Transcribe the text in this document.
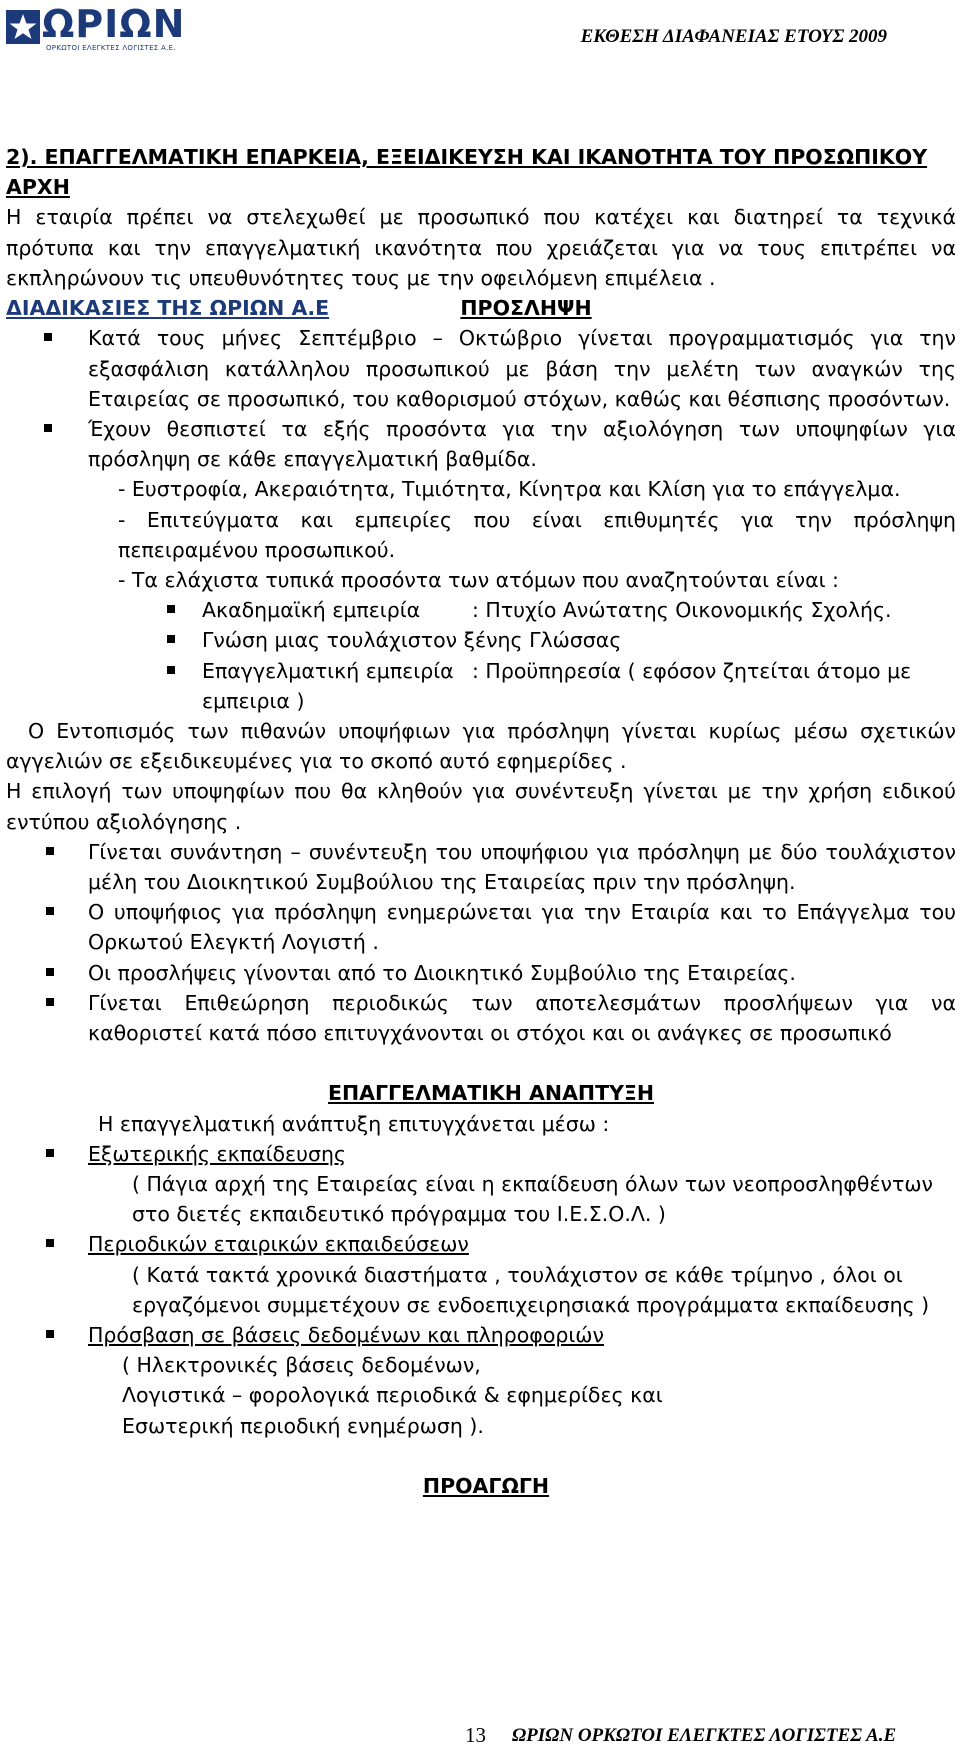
ΩΡΙΩΝ
ΟΡΚΩΤΟΙ ΕΛΕΓΚΤΕΣ ΛΟΓΙΣΤΕΣ Α.Ε.
ΕΚΘΕΣΗ ΔΙΑΦΑΝΕΙΑΣ ΕΤΟΥΣ 2009

2). ΕΠΑΓΓΕΛΜΑΤΙΚΗ ΕΠΑΡΚΕΙΑ, ΕΞΕΙΔΙΚΕΥΣΗ ΚΑΙ ΙΚΑΝΟΤΗΤΑ ΤΟΥ ΠΡΟΣΩΠΙΚΟΥ

ΑΡΧΗ

Η εταιρία πρέπει να στελεχωθεί με προσωπικό που κατέχει και διατηρεί τα τεχνικά πρότυπα και την επαγγελματική ικανότητα που χρειάζεται για να τους επιτρέπει να εκπληρώνουν τις υπευθυνότητες τους με την οφειλόμενη επιμέλεια .

ΔΙΑΔΙΚΑΣΙΕΣ ΤΗΣ ΩΡΙΩΝ Α.Ε	ΠΡΟΣΛΗΨΗ

Κατά τους μήνες Σεπτέμβριο – Οκτώβριο γίνεται προγραμματισμός για την εξασφάλιση κατάλληλου προσωπικού με βάση την μελέτη των αναγκών της Εταιρείας σε προσωπικό, του καθορισμού στόχων, καθώς και θέσπισης προσόντων.
Έχουν θεσπιστεί τα εξής προσόντα για την αξιολόγηση των υποψηφίων για πρόσληψη σε κάθε επαγγελματική βαθμίδα.

- Ευστροφία, Ακεραιότητα, Τιμιότητα, Κίνητρα και Κλίση για το επάγγελμα.

- Επιτεύγματα και εμπειρίες που είναι επιθυμητές για την πρόσληψη πεπειραμένου προσωπικού.

- Τα ελάχιστα τυπικά προσόντα των ατόμων που αναζητούνται είναι :

Ακαδημαϊκή εμπειρία	: Πτυχίο Ανώτατης Οικονομικής Σχολής.
Γνώση μιας τουλάχιστον ξένης Γλώσσας
Επαγγελματική εμπειρία : Προϋπηρεσία ( εφόσον ζητείται άτομο με εμπειρια )

Ο Εντοπισμός των πιθανών υποψήφιων για πρόσληψη γίνεται κυρίως μέσω σχετικών αγγελιών σε εξειδικευμένες για το σκοπό αυτό εφημερίδες .

Η επιλογή των υποψηφίων που θα κληθούν για συνέντευξη γίνεται με την χρήση ειδικού εντύπου αξιολόγησης .

Γίνεται συνάντηση – συνέντευξη του υποψήφιου για πρόσληψη με δύο τουλάχιστον μέλη του Διοικητικού Συμβούλιου της Εταιρείας πριν την πρόσληψη.
Ο υποψήφιος για πρόσληψη ενημερώνεται για την Εταιρία και το Επάγγελμα του Ορκωτού Ελεγκτή Λογιστή .
Οι προσλήψεις γίνονται από το Διοικητικό Συμβούλιο της Εταιρείας.
Γίνεται Επιθεώρηση περιοδικώς των αποτελεσμάτων προσλήψεων για να καθοριστεί κατά πόσο επιτυγχάνονται οι στόχοι και οι ανάγκες σε προσωπικό

ΕΠΑΓΓΕΛΜΑΤΙΚΗ ΑΝΑΠΤΥΞΗ

Η επαγγελματική ανάπτυξη επιτυγχάνεται μέσω :

Εξωτερικής εκπαίδευσης

( Πάγια αρχή της Εταιρείας είναι η εκπαίδευση όλων των νεοπροσληφθέντων στο διετές εκπαιδευτικό πρόγραμμα του Ι.Ε.Σ.Ο.Λ. )

Περιοδικών εταιρικών εκπαιδεύσεων

( Κατά τακτά χρονικά διαστήματα , τουλάχιστον σε κάθε τρίμηνο , όλοι οι εργαζόμενοι συμμετέχουν σε ενδοεπιχειρησιακά προγράμματα εκπαίδευσης )

Πρόσβαση σε βάσεις δεδομένων και πληροφοριών

( Ηλεκτρονικές βάσεις δεδομένων,

Λογιστικά – φορολογικά περιοδικά & εφημερίδες και

Εσωτερική περιοδική ενημέρωση ).

ΠΡΟΑΓΩΓΗ

13 ΩΡΙΩΝ ΟΡΚΩΤΟΙ ΕΛΕΓΚΤΕΣ ΛΟΓΙΣΤΕΣ Α.Ε
